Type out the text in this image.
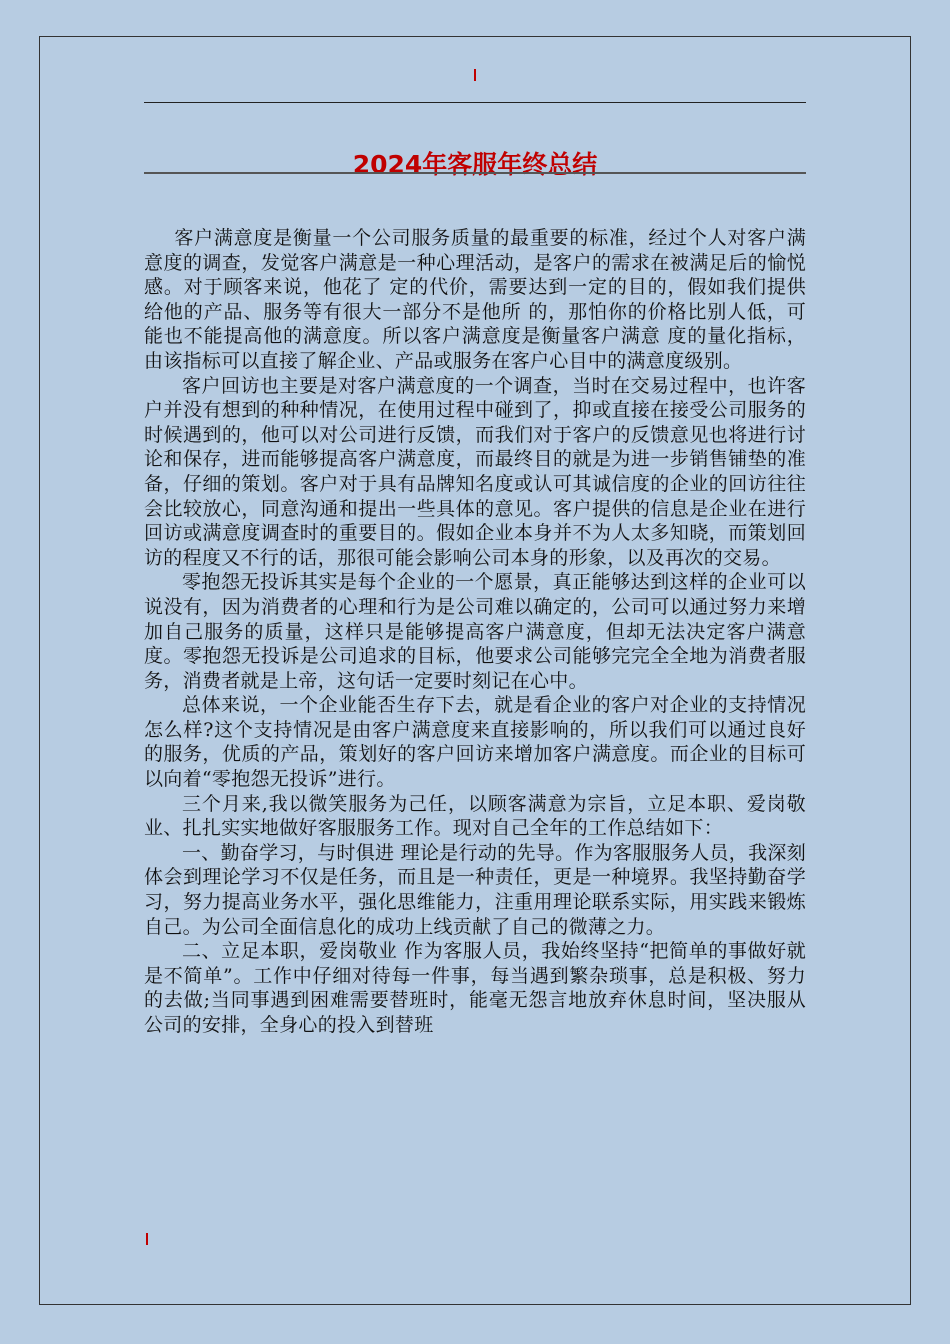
2024年客服年终总结

客户满意度是衡量一个公司服务质量的最重要的标准，经过个人对客户满意度的调查，发觉客户满意是一种心理活动，是客户的需求在被满足后的愉悦感。对于顾客来说，他花了 定的代价，需要达到一定的目的，假如我们提供给他的产品、服务等有很大一部分不是他所 的，那怕你的价格比别人低，可能也不能提高他的满意度。所以客户满意度是衡量客户满意 度的量化指标，由该指标可以直接了解企业、产品或服务在客户心目中的满意度级别。

客户回访也主要是对客户满意度的一个调查，当时在交易过程中，也许客户并没有想到的种种情况，在使用过程中碰到了，抑或直接在接受公司服务的时候遇到的，他可以对公司进行反馈，而我们对于客户的反馈意见也将进行讨论和保存，进而能够提高客户满意度，而最终目的就是为进一步销售铺垫的准备，仔细的策划。客户对于具有品牌知名度或认可其诚信度的企业的回访往往会比较放心，同意沟通和提出一些具体的意见。客户提供的信息是企业在进行回访或满意度调查时的重要目的。假如企业本身并不为人太多知晓，而策划回访的程度又不行的话，那很可能会影响公司本身的形象，以及再次的交易。

零抱怨无投诉其实是每个企业的一个愿景，真正能够达到这样的企业可以说没有，因为消费者的心理和行为是公司难以确定的，公司可以通过努力来增加自己服务的质量，这样只是能够提高客户满意度，但却无法决定客户满意度。零抱怨无投诉是公司追求的目标，他要求公司能够完完全全地为消费者服务，消费者就是上帝，这句话一定要时刻记在心中。

总体来说，一个企业能否生存下去，就是看企业的客户对企业的支持情况怎么样?这个支持情况是由客户满意度来直接影响的，所以我们可以通过良好的服务，优质的产品，策划好的客户回访来增加客户满意度。而企业的目标可以向着“零抱怨无投诉”进行。

三个月来,我以微笑服务为己任，以顾客满意为宗旨，立足本职、爱岗敬业、扎扎实实地做好客服服务工作。现对自己全年的工作总结如下：

一、勤奋学习，与时俱进 理论是行动的先导。作为客服服务人员，我深刻体会到理论学习不仅是任务，而且是一种责任，更是一种境界。我坚持勤奋学习，努力提高业务水平，强化思维能力，注重用理论联系实际，用实践来锻炼自己。为公司全面信息化的成功上线贡献了自己的微薄之力。

二、立足本职，爱岗敬业 作为客服人员，我始终坚持“把简单的事做好就是不简单”。工作中仔细对待每一件事，每当遇到繁杂琐事，总是积极、努力的去做;当同事遇到困难需要替班时，能毫无怨言地放弃休息时间，坚决服从公司的安排，全身心的投入到替班
